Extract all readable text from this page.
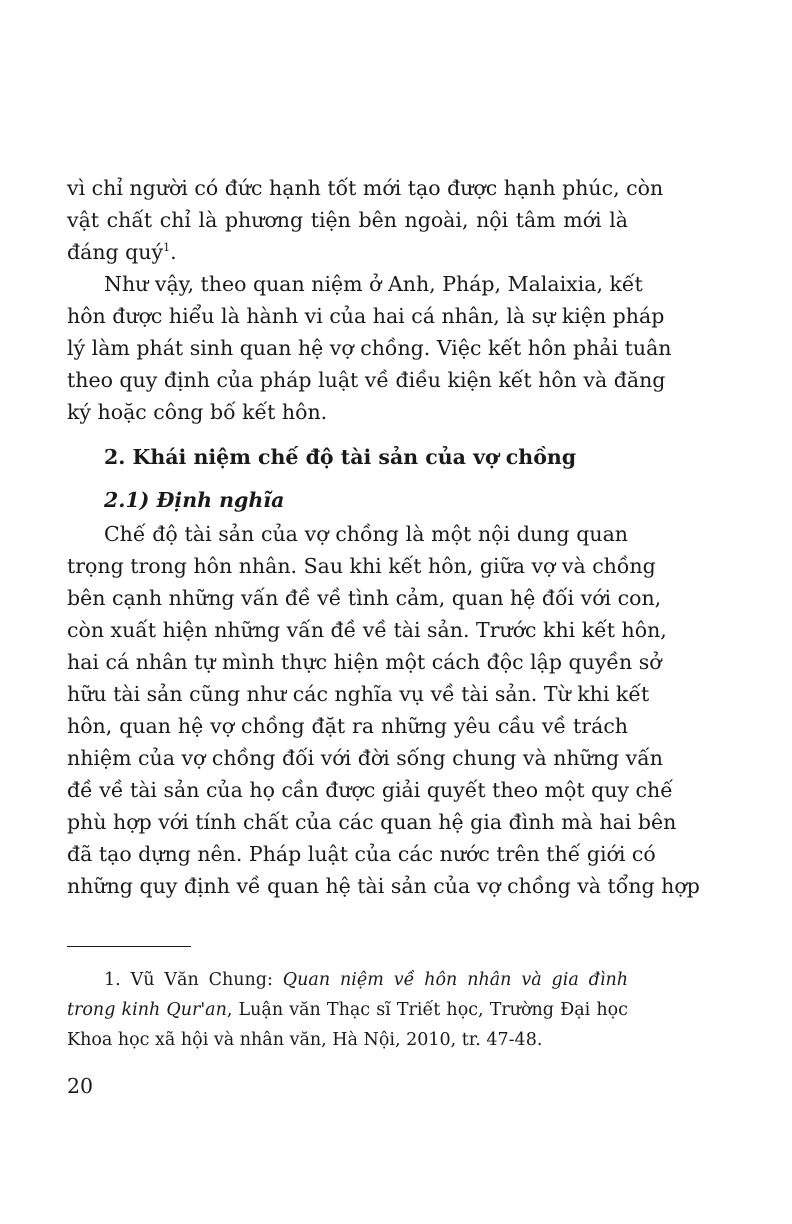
vì chỉ người có đức hạnh tốt mới tạo được hạnh phúc, còn

vật chất chỉ là phương tiện bên ngoài, nội tâm mới là

đáng quý$^1$.

Như vậy, theo quan niệm ở Anh, Pháp, Malaixia, kết

hôn được hiểu là hành vi của hai cá nhân, là sự kiện pháp

lý làm phát sinh quan hệ vợ chồng. Việc kết hôn phải tuân

theo quy định của pháp luật về điều kiện kết hôn và đăng

ký hoặc công bố kết hôn.

2. Khái niệm chế độ tài sản của vợ chồng

2.1) Định nghĩa

Chế độ tài sản của vợ chồng là một nội dung quan

trọng trong hôn nhân. Sau khi kết hôn, giữa vợ và chồng

bên cạnh những vấn đề về tình cảm, quan hệ đối với con,

còn xuất hiện những vấn đề về tài sản. Trước khi kết hôn,

hai cá nhân tự mình thực hiện một cách độc lập quyền sở

hữu tài sản cũng như các nghĩa vụ về tài sản. Từ khi kết

hôn, quan hệ vợ chồng đặt ra những yêu cầu về trách

nhiệm của vợ chồng đối với đời sống chung và những vấn

đề về tài sản của họ cần được giải quyết theo một quy chế

phù hợp với tính chất của các quan hệ gia đình mà hai bên

đã tạo dựng nên. Pháp luật của các nước trên thế giới có

những quy định về quan hệ tài sản của vợ chồng và tổng hợp

1. Vũ Văn Chung: Quan niệm về hôn nhân và gia đình

trong kinh Qur'an, Luận văn Thạc sĩ Triết học, Trường Đại học

Khoa học xã hội và nhân văn, Hà Nội, 2010, tr. 47-48.

20
